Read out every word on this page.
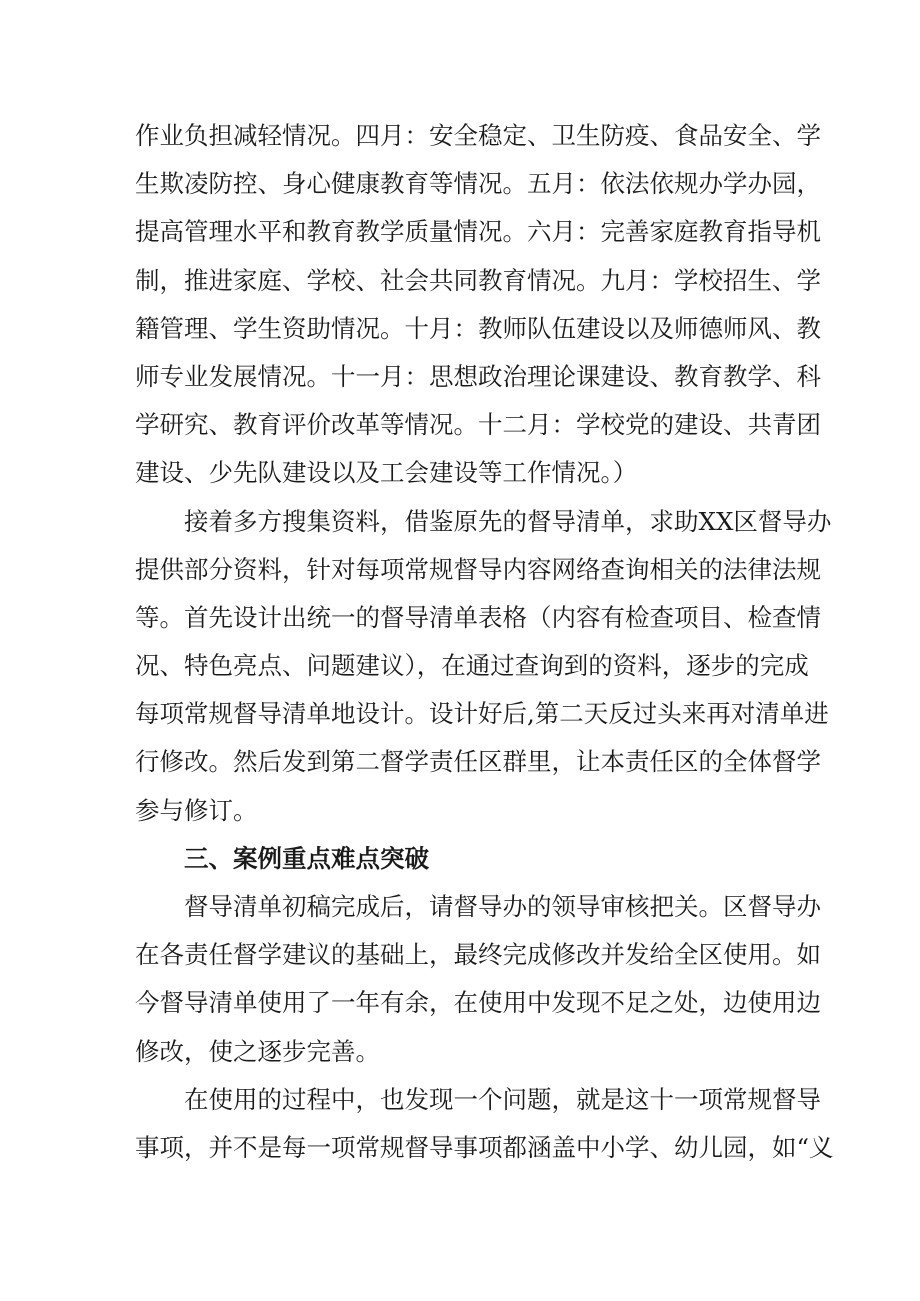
作业负担减轻情况。四月：安全稳定、卫生防疫、食品安全、学
生欺凌防控、身心健康教育等情况。五月：依法依规办学办园，
提高管理水平和教育教学质量情况。六月：完善家庭教育指导机
制，推进家庭、学校、社会共同教育情况。九月：学校招生、学
籍管理、学生资助情况。十月：教师队伍建设以及师德师风、教
师专业发展情况。十一月：思想政治理论课建设、教育教学、科
学研究、教育评价改革等情况。十二月：学校党的建设、共青团
建设、少先队建设以及工会建设等工作情况。）
接着多方搜集资料，借鉴原先的督导清单，求助XX区督导办
提供部分资料，针对每项常规督导内容网络查询相关的法律法规
等。首先设计出统一的督导清单表格（内容有检查项目、检查情
况、特色亮点、问题建议），在通过查询到的资料，逐步的完成
每项常规督导清单地设计。设计好后,第二天反过头来再对清单进
行修改。然后发到第二督学责任区群里，让本责任区的全体督学
参与修订。
三、案例重点难点突破
督导清单初稿完成后，请督导办的领导审核把关。区督导办
在各责任督学建议的基础上，最终完成修改并发给全区使用。如
今督导清单使用了一年有余，在使用中发现不足之处，边使用边
修改，使之逐步完善。
在使用的过程中，也发现一个问题，就是这十一项常规督导
事项，并不是每一项常规督导事项都涵盖中小学、幼儿园，如“义
